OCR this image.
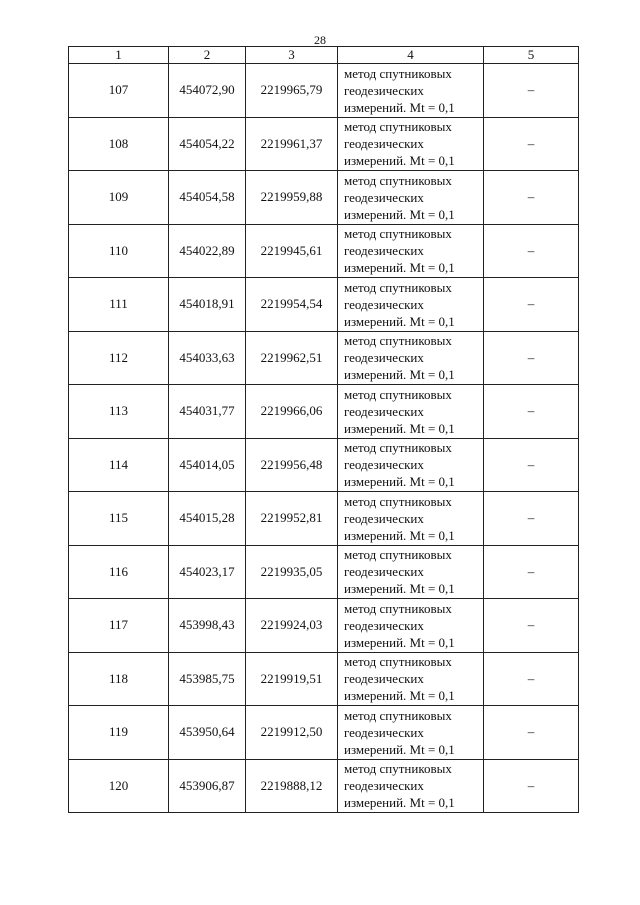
28
1	2	3	4	5
107	454072,90	2219965,79	метод спутниковых
геодезических
измерений. Mt = 0,1	–
108	454054,22	2219961,37	метод спутниковых
геодезических
измерений. Mt = 0,1	–
109	454054,58	2219959,88	метод спутниковых
геодезических
измерений. Mt = 0,1	–
110	454022,89	2219945,61	метод спутниковых
геодезических
измерений. Mt = 0,1	–
111	454018,91	2219954,54	метод спутниковых
геодезических
измерений. Mt = 0,1	–
112	454033,63	2219962,51	метод спутниковых
геодезических
измерений. Mt = 0,1	–
113	454031,77	2219966,06	метод спутниковых
геодезических
измерений. Mt = 0,1	–
114	454014,05	2219956,48	метод спутниковых
геодезических
измерений. Mt = 0,1	–
115	454015,28	2219952,81	метод спутниковых
геодезических
измерений. Mt = 0,1	–
116	454023,17	2219935,05	метод спутниковых
геодезических
измерений. Mt = 0,1	–
117	453998,43	2219924,03	метод спутниковых
геодезических
измерений. Mt = 0,1	–
118	453985,75	2219919,51	метод спутниковых
геодезических
измерений. Mt = 0,1	–
119	453950,64	2219912,50	метод спутниковых
геодезических
измерений. Mt = 0,1	–
120	453906,87	2219888,12	метод спутниковых
геодезических
измерений. Mt = 0,1	–
